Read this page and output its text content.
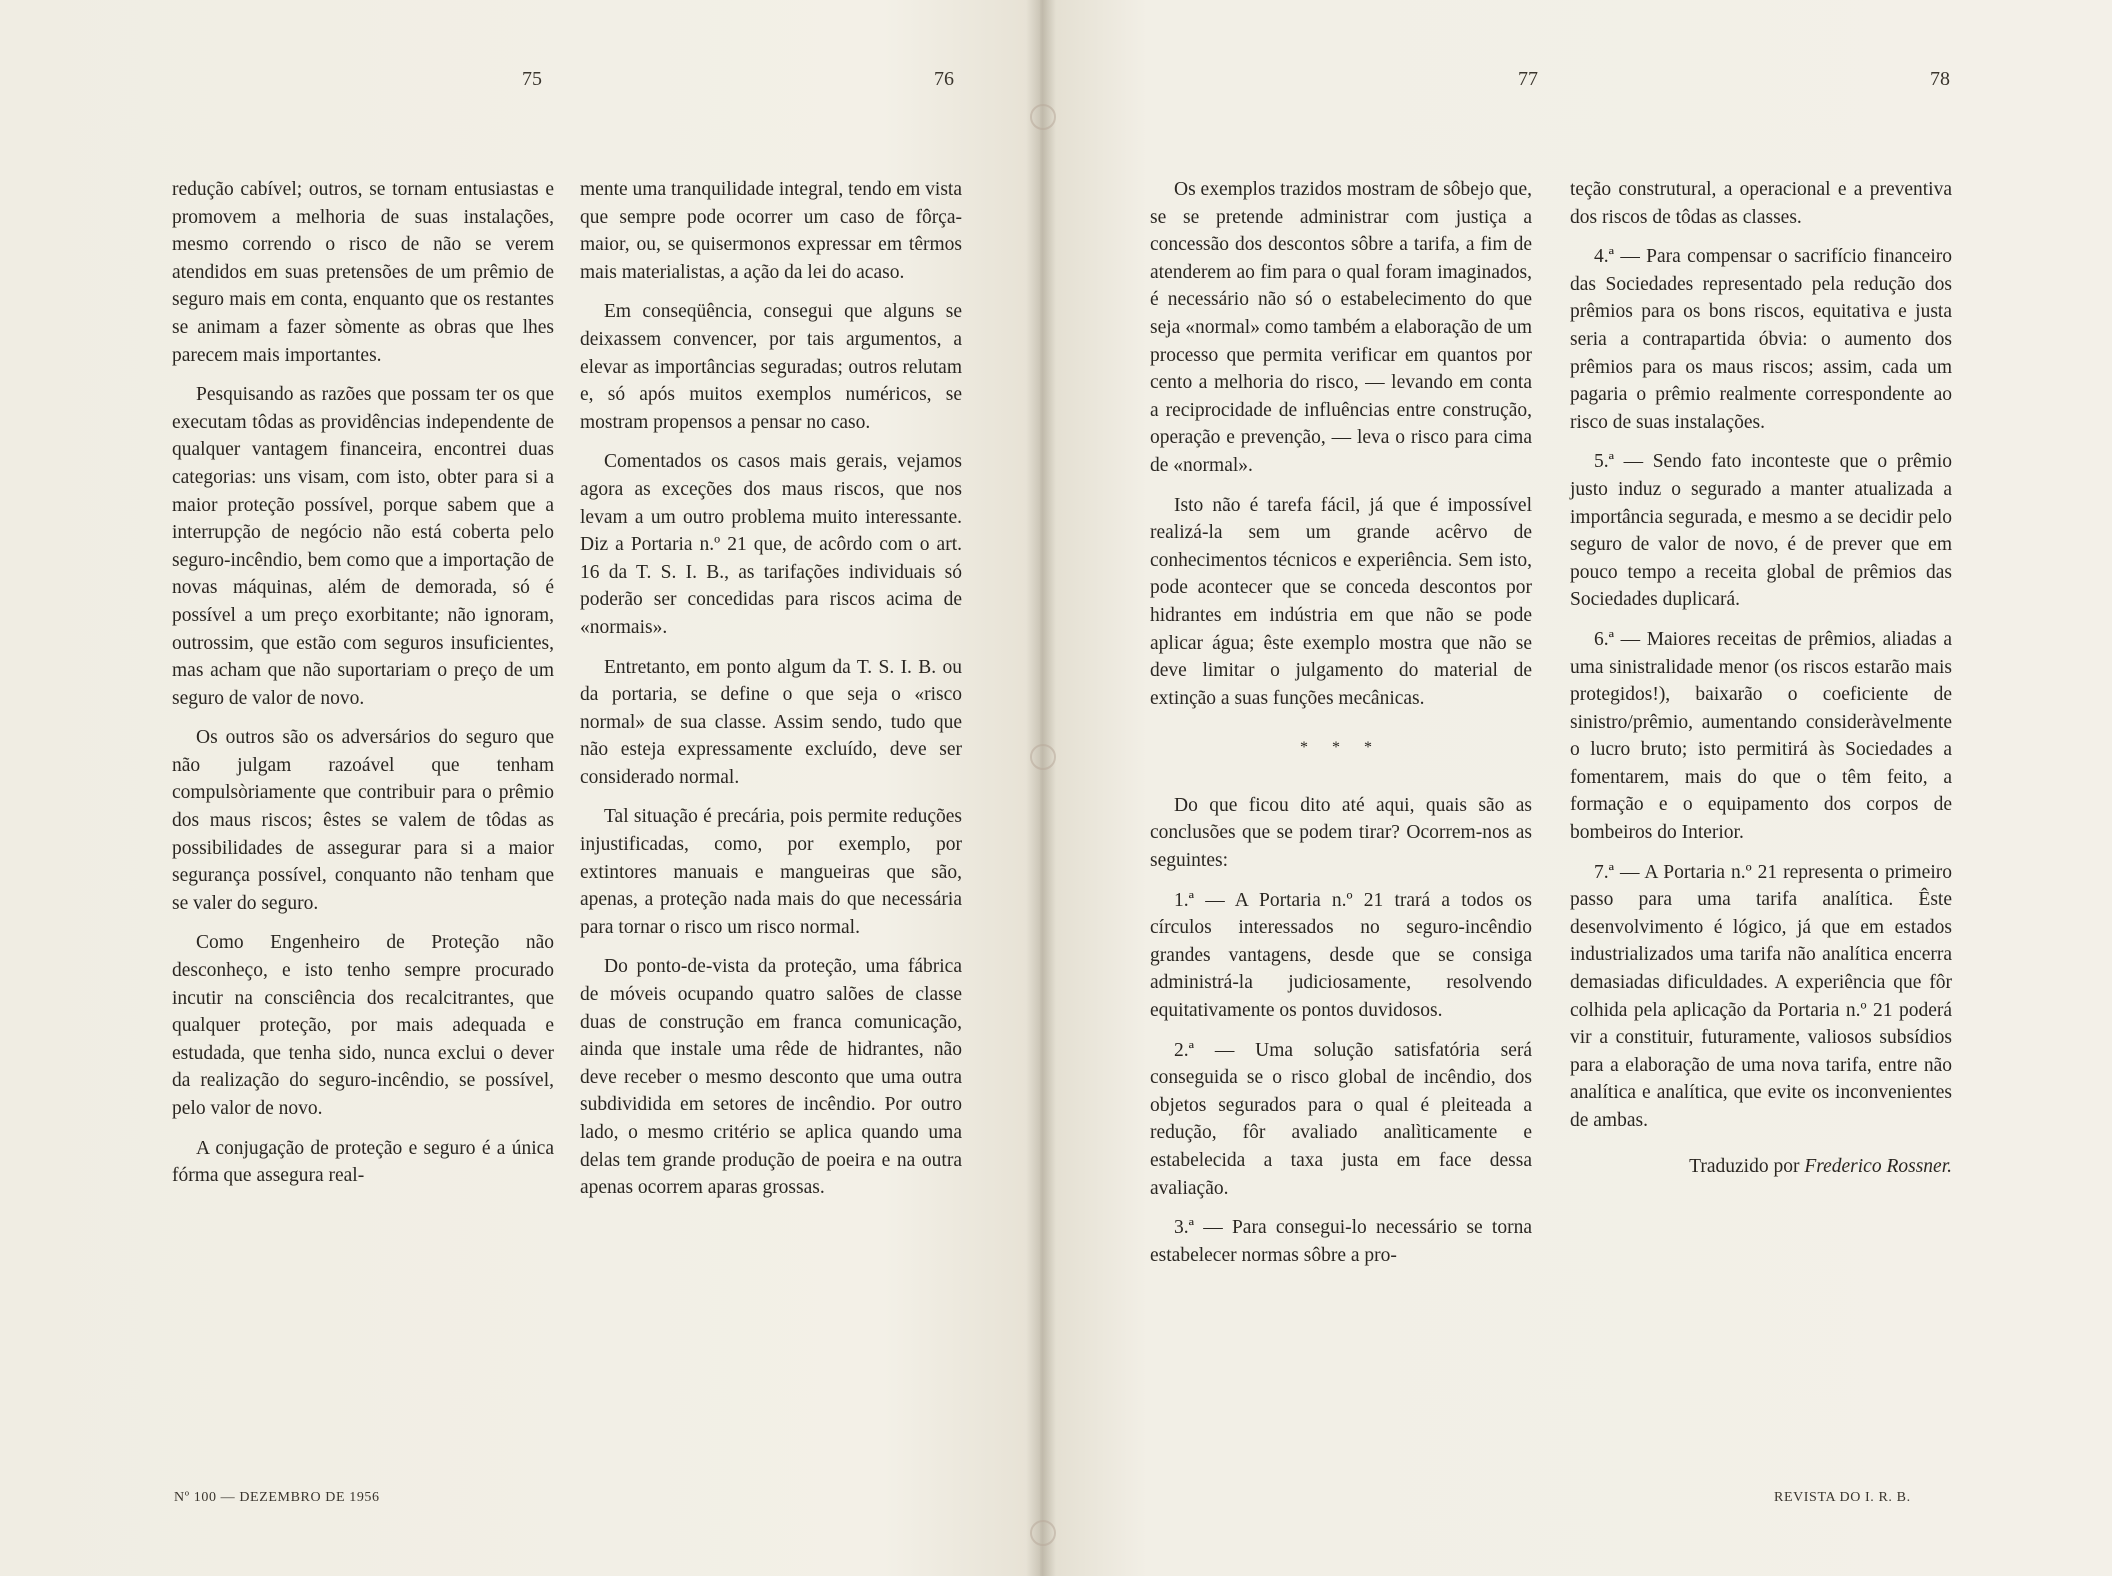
75

redução cabível; outros, se tornam entusiastas e promovem a melhoria de suas instalações, mesmo correndo o risco de não se verem atendidos em suas pretensões de um prêmio de seguro mais em conta, enquanto que os restantes se animam a fazer sòmente as obras que lhes parecem mais importantes.

Pesquisando as razões que possam ter os que executam tôdas as providências independente de qualquer vantagem financeira, encontrei duas categorias: uns visam, com isto, obter para si a maior proteção possível, porque sabem que a interrupção de negócio não está coberta pelo seguro-incêndio, bem como que a importação de novas máquinas, além de demorada, só é possível a um preço exorbitante; não ignoram, outrossim, que estão com seguros insuficientes, mas acham que não suportariam o preço de um seguro de valor de novo.

Os outros são os adversários do seguro que não julgam razoável que tenham compulsòriamente que contribuir para o prêmio dos maus riscos; êstes se valem de tôdas as possibilidades de assegurar para si a maior segurança possível, conquanto não tenham que se valer do seguro.

Como Engenheiro de Proteção não desconheço, e isto tenho sempre procurado incutir na consciência dos recalcitrantes, que qualquer proteção, por mais adequada e estudada, que tenha sido, nunca exclui o dever da realização do seguro-incêndio, se possível, pelo valor de novo.

A conjugação de proteção e seguro é a única fórma que assegura real-

Nº 100 — DEZEMBRO DE 1956
76

mente uma tranquilidade integral, tendo em vista que sempre pode ocorrer um caso de fôrça-maior, ou, se quisermonos expressar em têrmos mais materialistas, a ação da lei do acaso.

Em conseqüência, consegui que alguns se deixassem convencer, por tais argumentos, a elevar as importâncias seguradas; outros relutam e, só após muitos exemplos numéricos, se mostram propensos a pensar no caso.

Comentados os casos mais gerais, vejamos agora as exceções dos maus riscos, que nos levam a um outro problema muito interessante. Diz a Portaria n.º 21 que, de acôrdo com o art. 16 da T. S. I. B., as tarifações individuais só poderão ser concedidas para riscos acima de «normais».

Entretanto, em ponto algum da T. S. I. B. ou da portaria, se define o que seja o «risco normal» de sua classe. Assim sendo, tudo que não esteja expressamente excluído, deve ser considerado normal.

Tal situação é precária, pois permite reduções injustificadas, como, por exemplo, por extintores manuais e mangueiras que são, apenas, a proteção nada mais do que necessária para tornar o risco um risco normal.

Do ponto-de-vista da proteção, uma fábrica de móveis ocupando quatro salões de classe duas de construção em franca comunicação, ainda que instale uma rêde de hidrantes, não deve receber o mesmo desconto que uma outra subdividida em setores de incêndio. Por outro lado, o mesmo critério se aplica quando uma delas tem grande produção de poeira e na outra apenas ocorrem aparas grossas.

77

Os exemplos trazidos mostram de sôbejo que, se se pretende administrar com justiça a concessão dos descontos sôbre a tarifa, a fim de atenderem ao fim para o qual foram imaginados, é necessário não só o estabelecimento do que seja «normal» como também a elaboração de um processo que permita verificar em quantos por cento a melhoria do risco, — levando em conta a reciprocidade de influências entre construção, operação e prevenção, — leva o risco para cima de «normal».

Isto não é tarefa fácil, já que é impossível realizá-la sem um grande acêrvo de conhecimentos técnicos e experiência. Sem isto, pode acontecer que se conceda descontos por hidrantes em indústria em que não se pode aplicar água; êste exemplo mostra que não se deve limitar o julgamento do material de extinção a suas funções mecânicas.

* * *

Do que ficou dito até aqui, quais são as conclusões que se podem tirar? Ocorrem-nos as seguintes:

1.ª — A Portaria n.º 21 trará a todos os círculos interessados no seguro-incêndio grandes vantagens, desde que se consiga administrá-la judiciosamente, resolvendo equitativamente os pontos duvidosos.

2.ª — Uma solução satisfatória será conseguida se o risco global de incêndio, dos objetos segurados para o qual é pleiteada a redução, fôr avaliado analìticamente e estabelecida a taxa justa em face dessa avaliação.

3.ª — Para consegui-lo necessário se torna estabelecer normas sôbre a pro-

78

teção construtural, a operacional e a preventiva dos riscos de tôdas as classes.

4.ª — Para compensar o sacrifício financeiro das Sociedades representado pela redução dos prêmios para os bons riscos, equitativa e justa seria a contrapartida óbvia: o aumento dos prêmios para os maus riscos; assim, cada um pagaria o prêmio realmente correspondente ao risco de suas instalações.

5.ª — Sendo fato inconteste que o prêmio justo induz o segurado a manter atualizada a importância segurada, e mesmo a se decidir pelo seguro de valor de novo, é de prever que em pouco tempo a receita global de prêmios das Sociedades duplicará.

6.ª — Maiores receitas de prêmios, aliadas a uma sinistralidade menor (os riscos estarão mais protegidos!), baixarão o coeficiente de sinistro/prêmio, aumentando consideràvelmente o lucro bruto; isto permitirá às Sociedades a fomentarem, mais do que o têm feito, a formação e o equipamento dos corpos de bombeiros do Interior.

7.ª — A Portaria n.º 21 representa o primeiro passo para uma tarifa analítica. Êste desenvolvimento é lógico, já que em estados industrializados uma tarifa não analítica encerra demasiadas dificuldades. A experiência que fôr colhida pela aplicação da Portaria n.º 21 poderá vir a constituir, futuramente, valiosos subsídios para a elaboração de uma nova tarifa, entre não analítica e analítica, que evite os inconvenientes de ambas.

Traduzido por Frederico Rossner.

REVISTA DO I. R. B.
